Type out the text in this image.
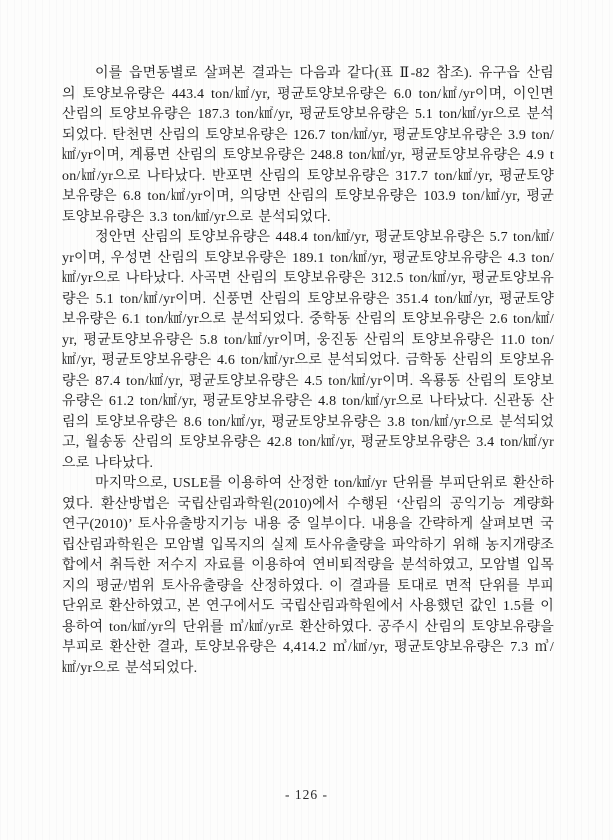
이를 읍면동별로 살펴본 결과는 다음과 같다(표 Ⅱ-82 참조). 유구읍 산림의 토양보유량은 443.4 ton/㎢/yr, 평균토양보유량은 6.0 ton/㎢/yr이며, 이인면 산림의 토양보유량은 187.3 ton/㎢/yr, 평균토양보유량은 5.1 ton/㎢/yr으로 분석되었다. 탄천면 산림의 토양보유량은 126.7 ton/㎢/yr, 평균토양보유량은 3.9 ton/㎢/yr이며, 계룡면 산림의 토양보유량은 248.8 ton/㎢/yr, 평균토양보유량은 4.9 ton/㎢/yr으로 나타났다. 반포면 산림의 토양보유량은 317.7 ton/㎢/yr, 평균토양보유량은 6.8 ton/㎢/yr이며, 의당면 산림의 토양보유량은 103.9 ton/㎢/yr, 평균토양보유량은 3.3 ton/㎢/yr으로 분석되었다.

정안면 산림의 토양보유량은 448.4 ton/㎢/yr, 평균토양보유량은 5.7 ton/㎢/yr이며, 우성면 산림의 토양보유량은 189.1 ton/㎢/yr, 평균토양보유량은 4.3 ton/㎢/yr으로 나타났다. 사곡면 산림의 토양보유량은 312.5 ton/㎢/yr, 평균토양보유량은 5.1 ton/㎢/yr이며. 신풍면 산림의 토양보유량은 351.4 ton/㎢/yr, 평균토양보유량은 6.1 ton/㎢/yr으로 분석되었다. 중학동 산림의 토양보유량은 2.6 ton/㎢/yr, 평균토양보유량은 5.8 ton/㎢/yr이며, 웅진동 산림의 토양보유량은 11.0 ton/㎢/yr, 평균토양보유량은 4.6 ton/㎢/yr으로 분석되었다. 금학동 산림의 토양보유량은 87.4 ton/㎢/yr, 평균토양보유량은 4.5 ton/㎢/yr이며. 옥룡동 산림의 토양보유량은 61.2 ton/㎢/yr, 평균토양보유량은 4.8 ton/㎢/yr으로 나타났다. 신관동 산림의 토양보유량은 8.6 ton/㎢/yr, 평균토양보유량은 3.8 ton/㎢/yr으로 분석되었고, 월송동 산림의 토양보유량은 42.8 ton/㎢/yr, 평균토양보유량은 3.4 ton/㎢/yr으로 나타났다.

마지막으로, USLE를 이용하여 산정한 ton/㎢/yr 단위를 부피단위로 환산하였다. 환산방법은 국립산림과학원(2010)에서 수행된 ‘산림의 공익기능 계량화 연구(2010)’ 토사유출방지기능 내용 중 일부이다. 내용을 간략하게 살펴보면 국립산림과학원은 모암별 입목지의 실제 토사유출량을 파악하기 위해 농지개량조합에서 취득한 저수지 자료를 이용하여 연비퇴적량을 분석하였고, 모암별 입목지의 평균/범위 토사유출량을 산정하였다. 이 결과를 토대로 면적 단위를 부피 단위로 환산하였고, 본 연구에서도 국립산림과학원에서 사용했던 값인 1.5를 이용하여 ton/㎢/yr의 단위를 ㎥/㎢/yr로 환산하였다. 공주시 산림의 토양보유량을 부피로 환산한 결과, 토양보유량은 4,414.2 ㎥/㎢/yr, 평균토양보유량은 7.3 ㎥/㎢/yr으로 분석되었다.

- 126 -
